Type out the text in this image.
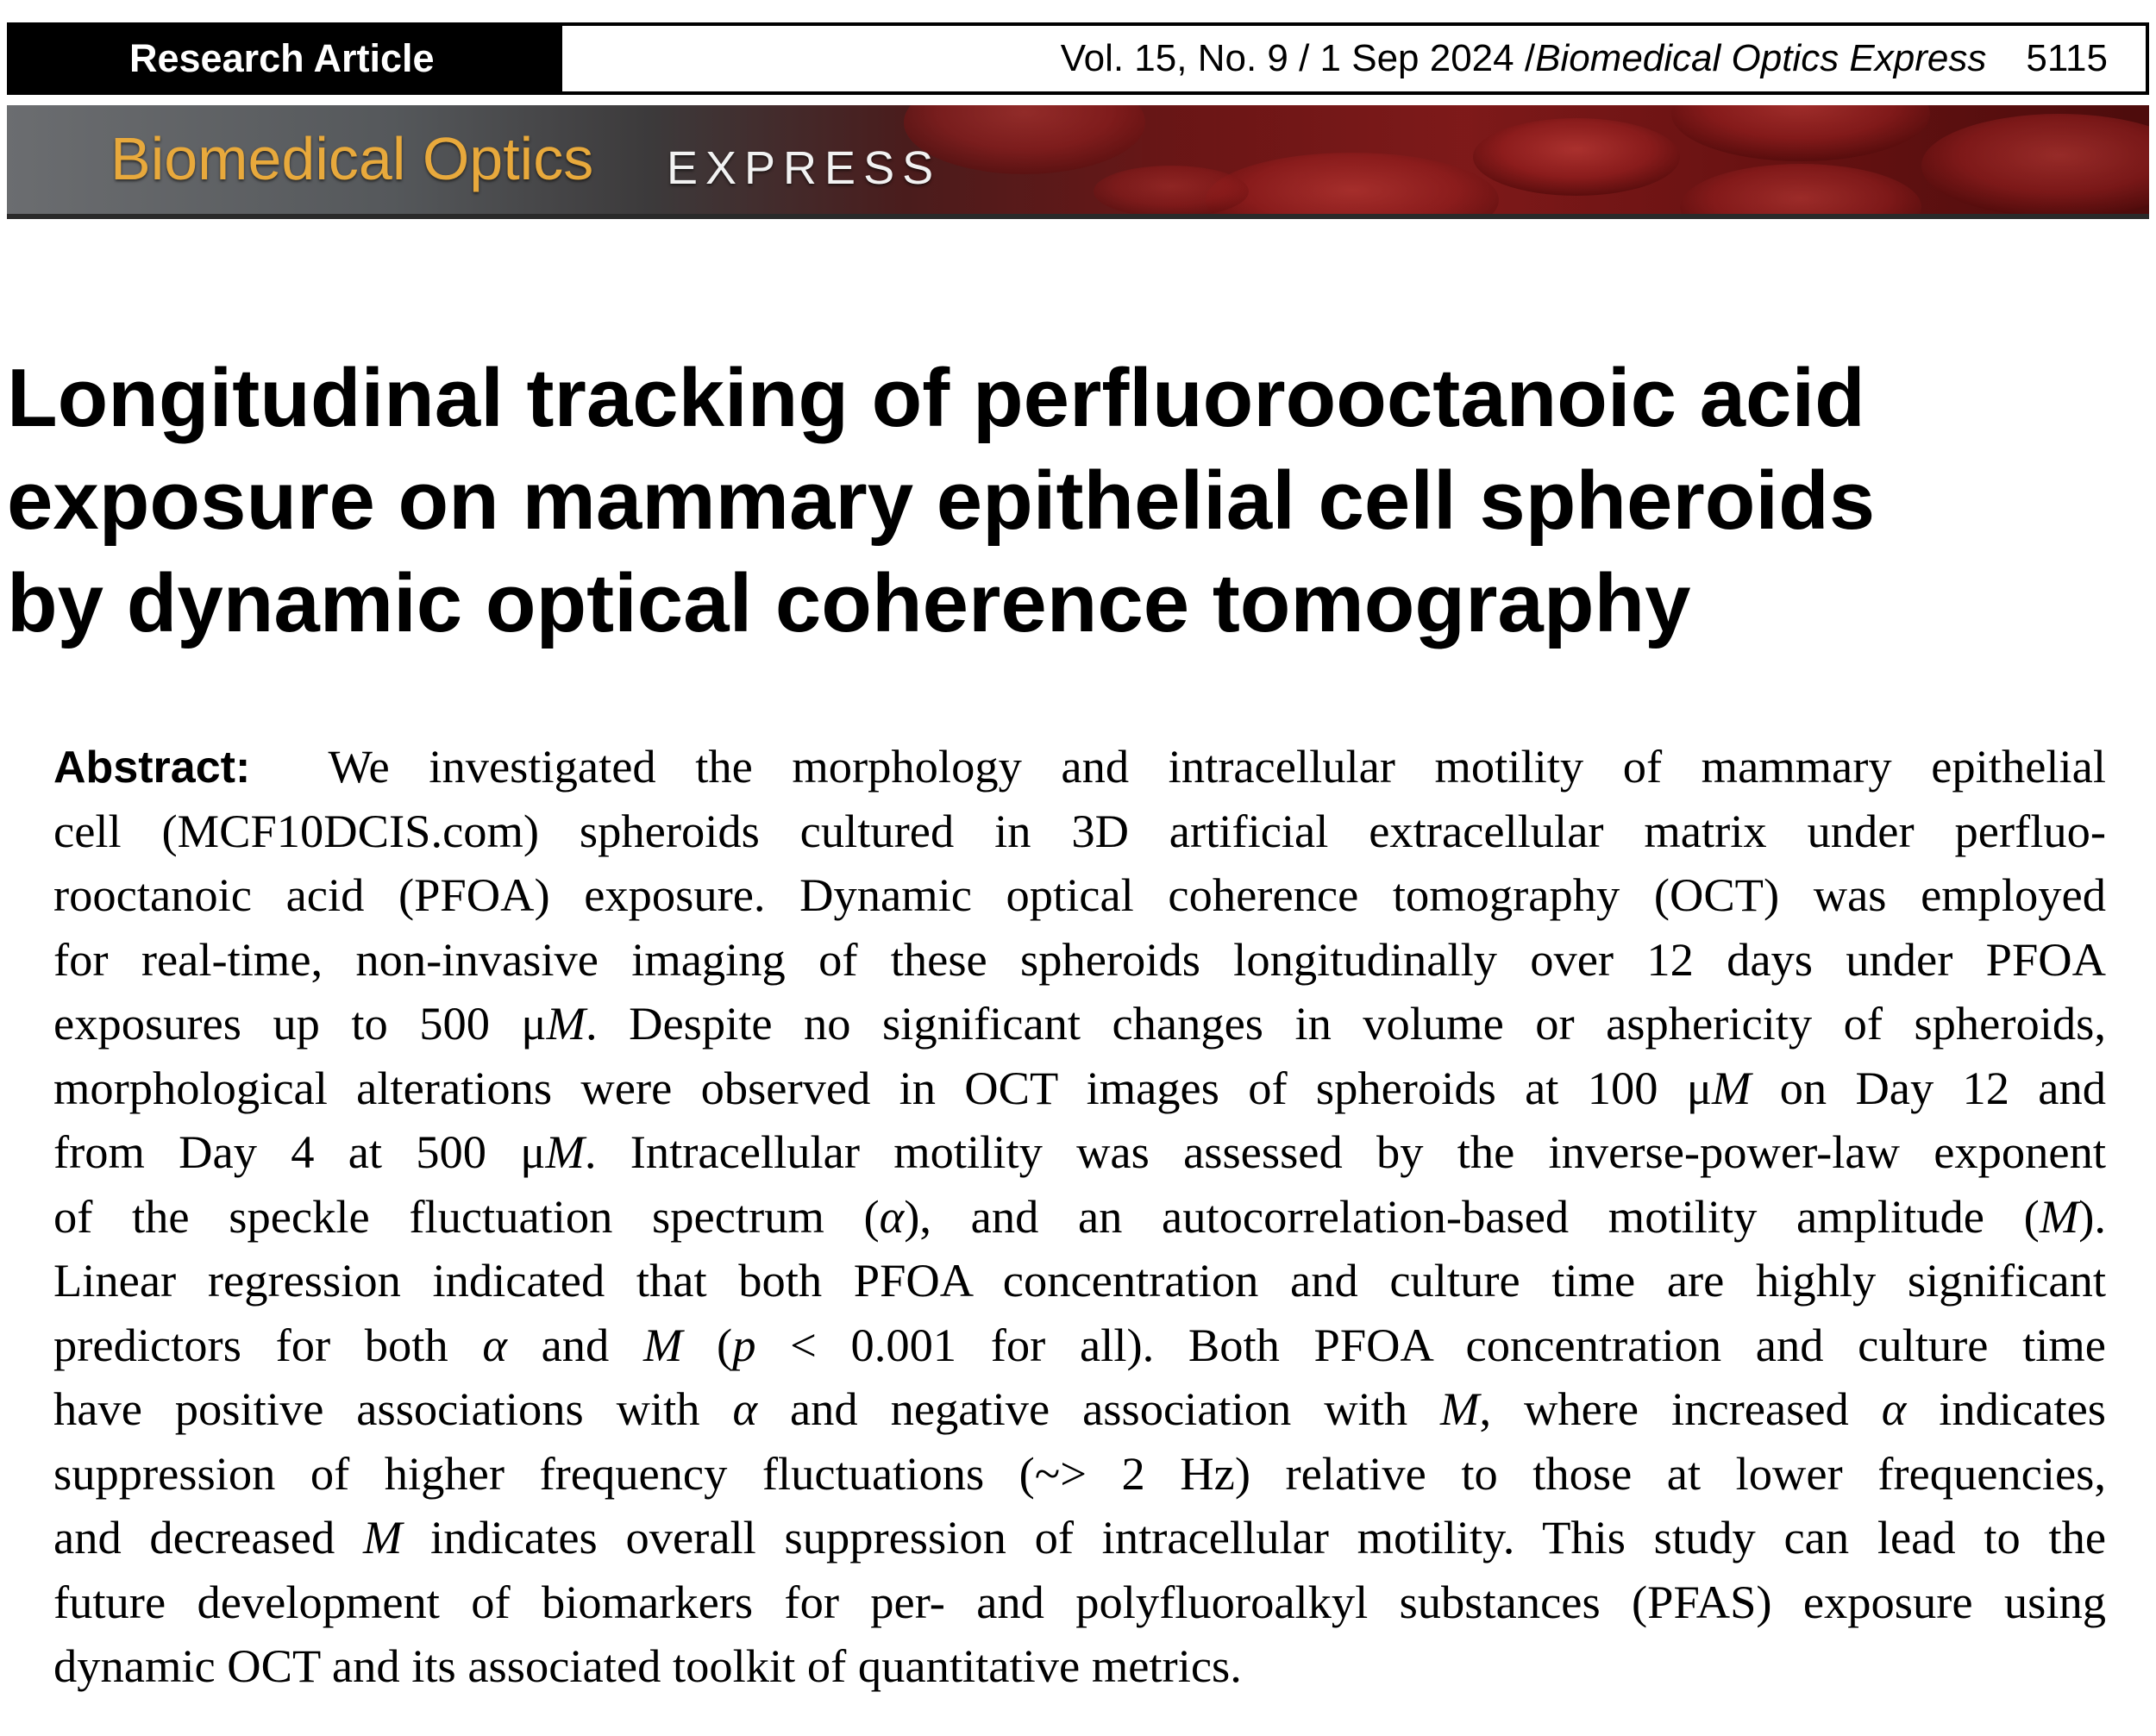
Research Article	Vol. 15, No. 9 / 1 Sep 2024 / Biomedical Optics Express 5115
Biomedical Optics EXPRESS
Longitudinal tracking of perfluorooctanoic acid
exposure on mammary epithelial cell spheroids
by dynamic optical coherence tomography
Abstract: We investigated the morphology and intracellular motility of mammary epithelial
cell (MCF10DCIS.com) spheroids cultured in 3D artificial extracellular matrix under perfluo-
rooctanoic acid (PFOA) exposure. Dynamic optical coherence tomography (OCT) was employed
for real-time, non-invasive imaging of these spheroids longitudinally over 12 days under PFOA
exposures up to 500 μM. Despite no significant changes in volume or asphericity of spheroids,
morphological alterations were observed in OCT images of spheroids at 100 μM on Day 12 and
from Day 4 at 500 μM. Intracellular motility was assessed by the inverse-power-law exponent
of the speckle fluctuation spectrum (α), and an autocorrelation-based motility amplitude (M).
Linear regression indicated that both PFOA concentration and culture time are highly significant
predictors for both α and M (p < 0.001 for all). Both PFOA concentration and culture time
have positive associations with α and negative association with M, where increased α indicates
suppression of higher frequency fluctuations (~> 2 Hz) relative to those at lower frequencies,
and decreased M indicates overall suppression of intracellular motility. This study can lead to the
future development of biomarkers for per- and polyfluoroalkyl substances (PFAS) exposure using
dynamic OCT and its associated toolkit of quantitative metrics.
